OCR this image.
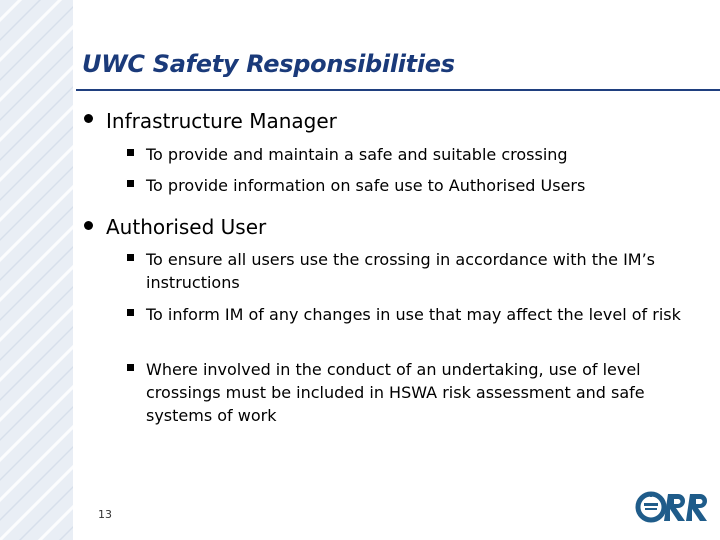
UWC Safety Responsibilities
Infrastructure Manager
To provide and maintain a safe and suitable crossing
To provide information on safe use to Authorised Users
Authorised User
To ensure all users use the crossing in accordance with the IM’s instructions
To inform IM of any changes in use that may affect the level of risk
Where involved in the conduct of an undertaking, use of level crossings must be included in HSWA risk assessment and safe systems of work
13
